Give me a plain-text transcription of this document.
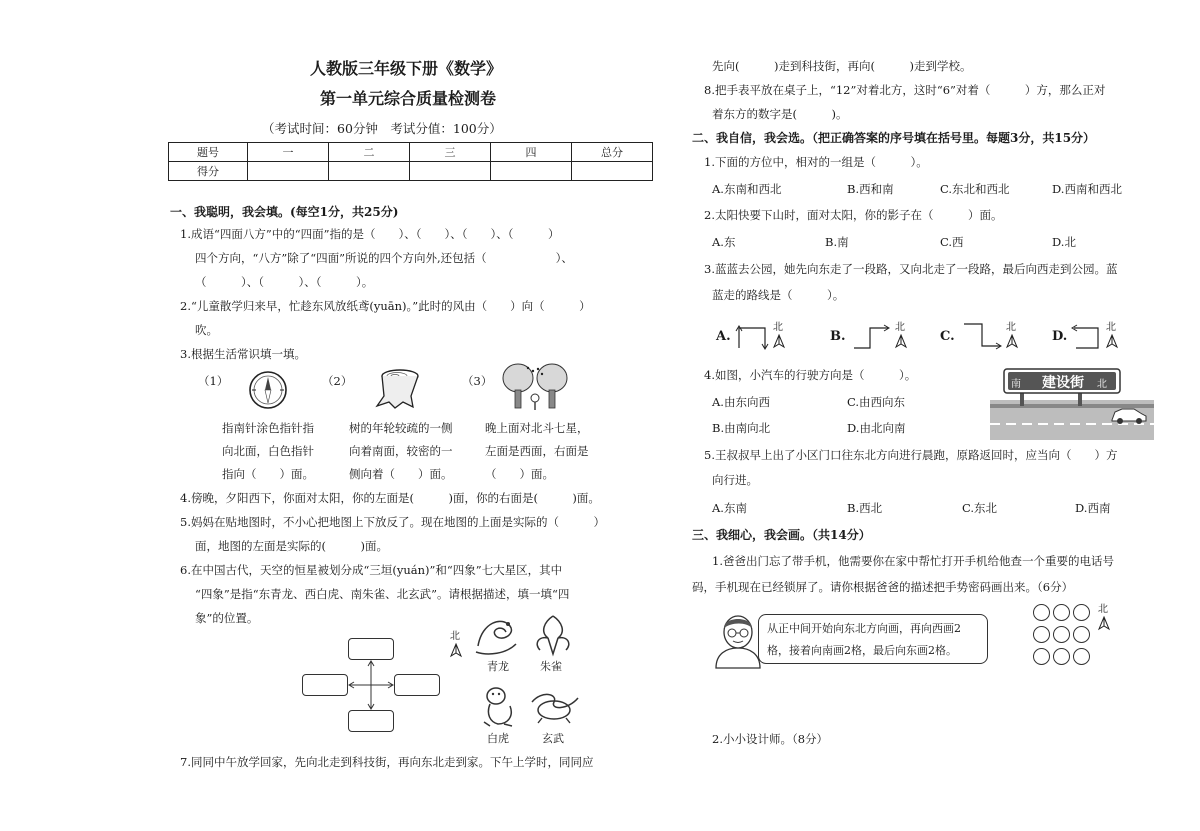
人教版三年级下册《数学》
第一单元综合质量检测卷
（考试时间：60分钟　考试分值：100分）
题号	一	二	三	四	总分
得分					
一、我聪明，我会填。(每空1分，共25分)
1.成语“四面八方”中的“四面”指的是（　　）、（　　）、（　　）、（　　　）
四个方向，“八方”除了“四面”所说的四个方向外,还包括（　　　　　　）、
（　　　）、（　　　）、（　　　）。
2.“儿童散学归来早，忙趁东风放纸鸢(yuān)。”此时的风由（　　）向（　　　）
吹。
3.根据生活常识填一填。
（1）	（2）	（3）
指南针涂色指针指
向北面，白色指针
指向（　　）面。
树的年轮较疏的一侧
向着南面，较密的一
侧向着（　　）面。
晚上面对北斗七星，
左面是西面，右面是
（　　）面。
4.傍晚，夕阳西下，你面对太阳，你的左面是(　　　)面，你的右面是(　　　)面。
5.妈妈在贴地图时，不小心把地图上下放反了。现在地图的上面是实际的（　　　）
面，地图的左面是实际的(　　　)面。
6.在中国古代，天空的恒星被划分成“三垣(yuán)”和“四象”七大星区，其中
“四象”是指“东青龙、西白虎、南朱雀、北玄武”。请根据描述，填一填“四
象”的位置。
北
青龙	朱雀
白虎	玄武
7.同同中午放学回家，先向北走到科技街，再向东北走到家。下午上学时，同同应
先向(　　　)走到科技街，再向(　　　)走到学校。
8.把手表平放在桌子上，“12”对着北方，这时“6”对着（　　　）方，那么正对
着东方的数字是(　　　)。
二、我自信，我会选。（把正确答案的序号填在括号里。每题3分，共15分）
1.下面的方位中，相对的一组是（　　　）。
A.东南和西北	B.西和南	C.东北和西北	D.西南和西北
2.太阳快要下山时，面对太阳，你的影子在（　　　）面。
A.东	B.南	C.西	D.北
3.蓝蓝去公园，她先向东走了一段路，又向北走了一段路，最后向西走到公园。蓝
蓝走的路线是（　　　）。
A.
北
B.
北
C.
北
D.
北
4.如图，小汽车的行驶方向是（　　　）。
A.由东向西	C.由西向东
B.由南向北	D.由北向南
南 建设街 北
5.王叔叔早上出了小区门口往东北方向进行晨跑，原路返回时，应当向（　　）方
向行进。
A.东南	B.西北	C.东北	D.西南
三、我细心，我会画。（共14分）
1.爸爸出门忘了带手机，他需要你在家中帮忙打开手机给他查一个重要的电话号
码，手机现在已经锁屏了。请你根据爸爸的描述把手势密码画出来。（6分）
从正中间开始向东北方向画，再向西画2
格，接着向南画2格，最后向东画2格。
北
2.小小设计师。（8分）
